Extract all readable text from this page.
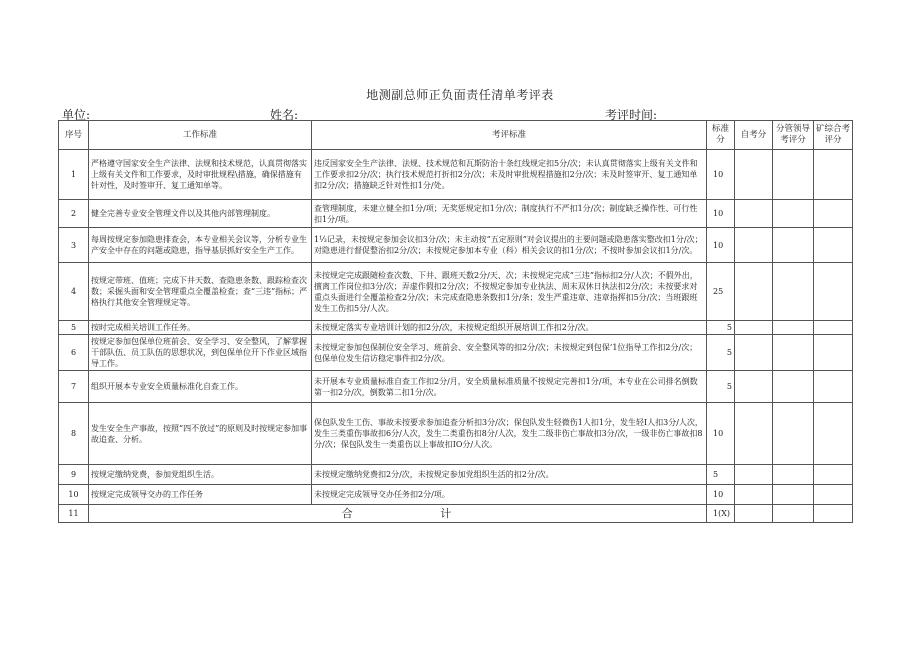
地测副总师正负面责任清单考评表
单位:	姓名:	考评时间:
序号	工作标准	考评标准	标准分	自考分	分管领导考评分	矿综合考评分
1	严格遵守国家安全生产法律、法规和技术规范，认真贯彻落实上级有关文件和工作要求，及时审批规程\措施，确保措施有针对性，及时签审开、复工通知单等。	违反国家安全生产法律、法规、技术规范和瓦斯防治十条红线规定扣5分/次；未认真贯彻落实上级有关文件和工作要求扣2分/次；执行技术规范打折扣2分/次；未及时审批规程措施扣2分/次；未及时签审开、复工通知单扣2分/次；措施缺乏针对性扣1分/处。	10			
2	健全完善专业安全管理文件以及其他内部管理制度。	查管理制度，未建立健全扣1分/项；无奖惩规定扣1分/次；制度执行不严扣1分/次；制度缺乏操作性、可行性扣1分/项。	10			
3	每周按规定参加隐患排查会，本专业相关会议等，分析专业生产安全中存在的问题或隐患，指导基层抓好安全生产工作。	1⅓记录，未按规定参加会议扣3分/次；未主动按“五定原则”对会议提出的主要问题或隐患落实整改扣1分/次；对隐患进行督促整治扣2分/次；未按规定参加本专业（科）相关会议的扣1分/次；不按时参加会议扣1分/次。	10			
4	按规定带班、值班；完成下井天数、查隐患条数、跟踪检查次数；采掘头面和安全管理重点全覆盖检查；查“三违”指标；严格执行其他安全管理规定等。	未按规定完成跟随检查次数、下井、跟班天数2分/天、次；未按规定完成“三违”指标扣2分/人次；不假外出，擅离工作岗位扣3分/次；弄虚作假扣2分/次；不按规定参加专业执法、周末双休日执法扣2分/次；未按要求对重点头面进行全覆盖检查2分/次；未完成查隐患条数扣1分/条；发生严重违章、违章指挥扣5分/次；当班跟班发生工伤扣5分/人次。	25			
5	按时完成相关培训工作任务。	未按规定落实专业培训计划的扣2分/次，未按规定组织开展培训工作扣2分/次。	5			
6	按规定参加包保单位班前会、安全学习、安全整风，了解掌握干部队伍、员工队伍的思想状况，到包保单位开下作业区域指导工作。	未按规定参加包保制位安全学习、班前会、安全整风等的扣2分/次；未按规定到包保‘1位指导工作扣2分/次；包保单位发生信访稳定事件扣2分/次。	5			
7	组织开展本专业安全质量标准化自查工作。	未开展本专业质量标准自查工作扣2分/月，安全质量标准质量不按规定完善扣1分/项，本专业在公司排名倒数第一扣2分/次，倒数第二扣1分/次。	5			
8	发生安全生产事故，按照“四不放过”的原则及时按规定参加事故追查、分析。	保包队发生工伤、事故未按要求参加追查分析扣3分/次；保包队发生轻微伤1人扣1分，发生轻I人扣3分/人次，发生三类重伤事故扣6分/人次，发生二类重伤扣8分/人次，发生二级非伤亡事故扣3分/次，一级非伤亡事故扣8分/次；保包队发生一类重伤以上事故扣IO分/人次。	10			
9	按规定缴纳党费，参加党组织生活。	未按规定缴纳党费扣2分/次，未按规定参加党组织生活的扣2分/次。	5			
10	按规定完成领导交办的工作任务	未按规定完成领导交办任务扣2分/项。	10			
11	合 计		1(X)			
